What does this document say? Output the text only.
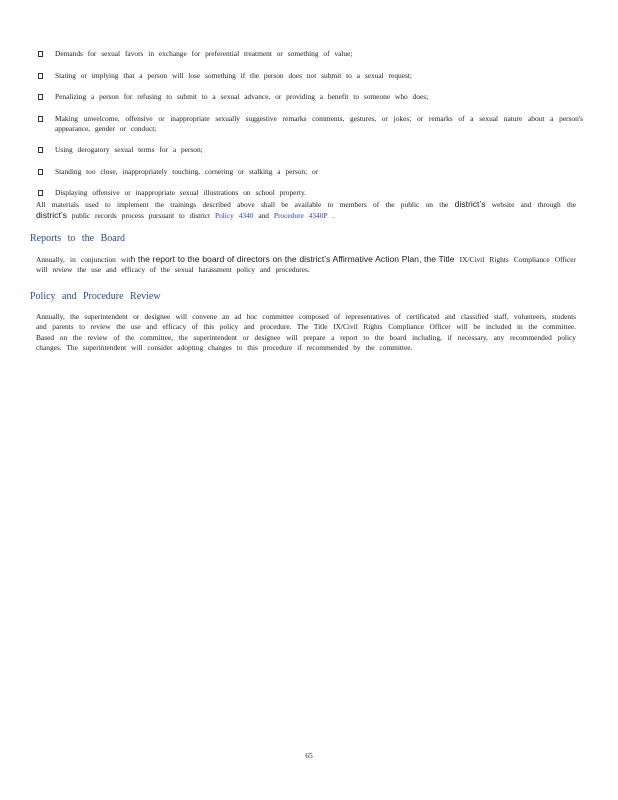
Demands for sexual favors in exchange for preferential treatment or something of value;
Stating or implying that a person will lose something if the person does not submit to a sexual request;
Penalizing a person for refusing to submit to a sexual advance, or providing a benefit to someone who does;
Making unwelcome, offensive or inappropriate sexually suggestive remarks comments, gestures, or jokes; or remarks of a sexual nature about a person's appearance, gender or conduct;
Using derogatory sexual terms for a person;
Standing too close, inappropriately touching, cornering or stalking a person; or
Displaying offensive or inappropriate sexual illustrations on school property.
All materials used to implement the trainings described above shall be available to members of the public on the district’s website and through the district’s public records process pursuant to district Policy 4340 and Procedure 4340P .
Reports to the Board
Annually, in conjunction with the report to the board of directors on the district’s Affirmative Action Plan, the Title IX/Civil Rights Compliance Officer will review the use and efficacy of the sexual harassment policy and procedures.
Policy and Procedure Review
Annually, the superintendent or designee will convene an ad hoc committee composed of representatives of certificated and classified staff, volunteers, students and parents to review the use and efficacy of this policy and procedure. The Title IX/Civil Rights Compliance Officer will be included in the committee. Based on the review of the committee, the superintendent or designee will prepare a report to the board including, if necessary, any recommended policy changes. The superintendent will consider adopting changes to this procedure if recommended by the committee.
65
